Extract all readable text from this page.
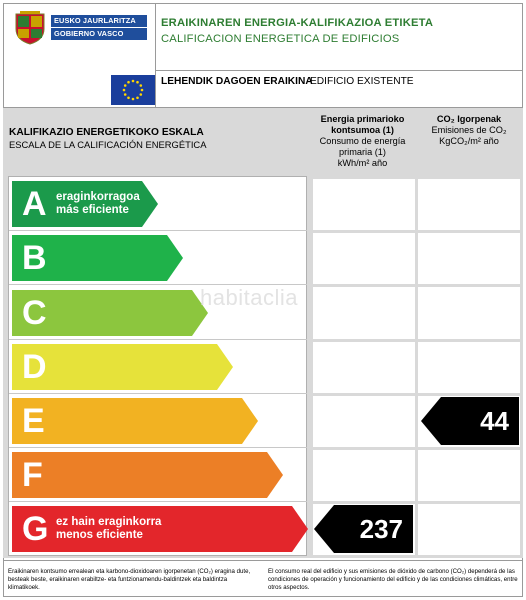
EUSKO JAURLARITZA
GOBIERNO VASCO
ERAIKINAREN ENERGIA-KALIFIKAZIOA ETIKETA
CALIFICACION ENERGETICA DE EDIFICIOS
LEHENDIK DAGOEN ERAIKINA
EDIFICIO EXISTENTE
KALIFIKAZIO ENERGETIKOKO ESKALA
ESCALA DE LA CALIFICACIÓN ENERGÉTICA
Energia primarioko kontsumoa (1)
Consumo de energía primaria (1)
kWh/m² año
CO₂ Igorpenak
Emisiones de CO₂
KgCO₂/m² año
A eraginkorragoa
más eficiente
B
C
D
E
F
G ez hain eraginkorra
menos eficiente	237
44
habitaclia
Eraikinaren kontsumo errealean eta karbono-dioxidoaren igorpenetan (CO₂) eragina dute, besteak beste, eraikinaren erabiltze- eta funtzionamendu-baldintzek eta baldintza klimatikoek.
El consumo real del edificio y sus emisiones de dióxido de carbono (CO₂) dependerá de las condiciones de operación y funcionamiento del edificio y de las condiciones climáticas, entre otros aspectos.
